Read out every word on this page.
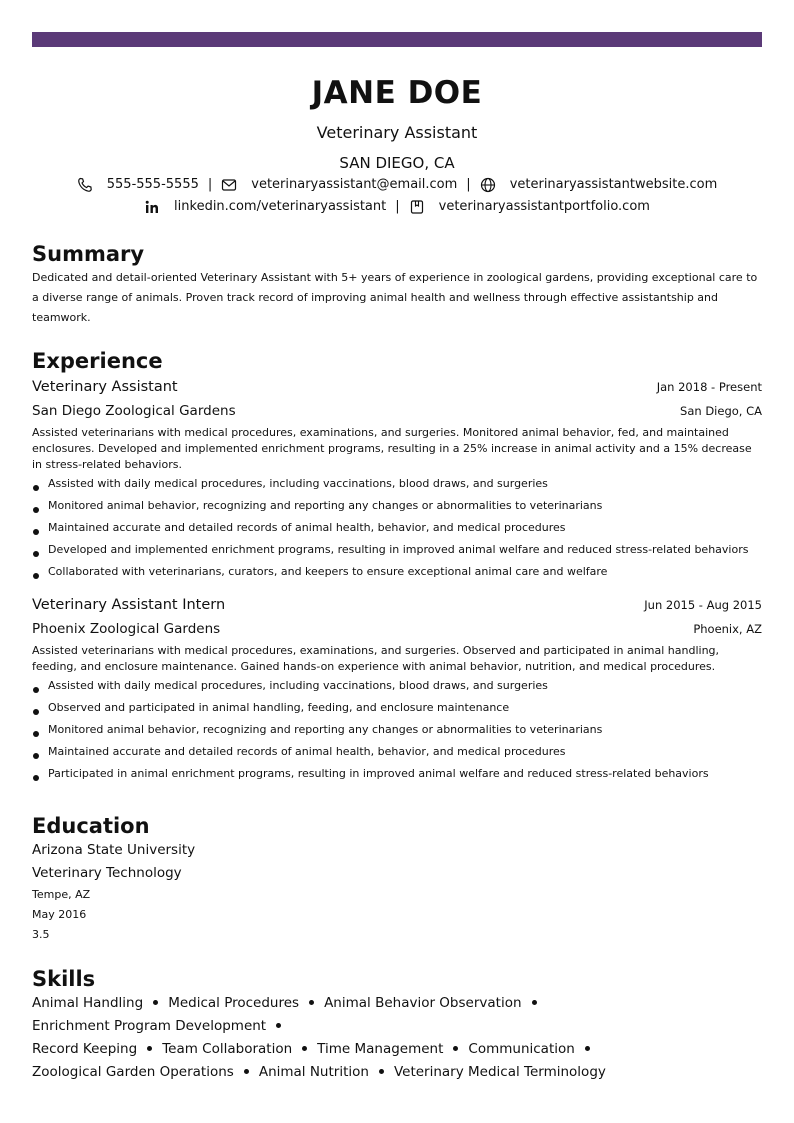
JANE DOE
Veterinary Assistant
SAN DIEGO, CA
555-555-5555 |	veterinaryassistant@email.com |	veterinaryassistantwebsite.com
linkedin.com/veterinaryassistant |	veterinaryassistantportfolio.com
Summary

Dedicated and detail-oriented Veterinary Assistant with 5+ years of experience in zoological gardens, providing exceptional care to a diverse range of animals. Proven track record of improving animal health and wellness through effective assistantship and teamwork.

Experience
Veterinary Assistant	Jan 2018 - Present
San Diego Zoological Gardens	San Diego, CA

Assisted veterinarians with medical procedures, examinations, and surgeries. Monitored animal behavior, fed, and maintained enclosures. Developed and implemented enrichment programs, resulting in a 25% increase in animal activity and a 15% decrease in stress-related behaviors.

Assisted with daily medical procedures, including vaccinations, blood draws, and surgeries
Monitored animal behavior, recognizing and reporting any changes or abnormalities to veterinarians
Maintained accurate and detailed records of animal health, behavior, and medical procedures
Developed and implemented enrichment programs, resulting in improved animal welfare and reduced stress-related behaviors
Collaborated with veterinarians, curators, and keepers to ensure exceptional animal care and welfare
Veterinary Assistant Intern	Jun 2015 - Aug 2015
Phoenix Zoological Gardens	Phoenix, AZ

Assisted veterinarians with medical procedures, examinations, and surgeries. Observed and participated in animal handling, feeding, and enclosure maintenance. Gained hands-on experience with animal behavior, nutrition, and medical procedures.

Assisted with daily medical procedures, including vaccinations, blood draws, and surgeries
Observed and participated in animal handling, feeding, and enclosure maintenance
Monitored animal behavior, recognizing and reporting any changes or abnormalities to veterinarians
Maintained accurate and detailed records of animal health, behavior, and medical procedures
Participated in animal enrichment programs, resulting in improved animal welfare and reduced stress-related behaviors
Education
Arizona State University
Veterinary Technology
Tempe, AZ
May 2016
3.5
Skills
Animal Handling Medical Procedures Animal Behavior ObservationEnrichment Program Development
Record Keeping Team Collaboration Time Management Communication
Zoological Garden Operations Animal Nutrition Veterinary Medical Terminology
